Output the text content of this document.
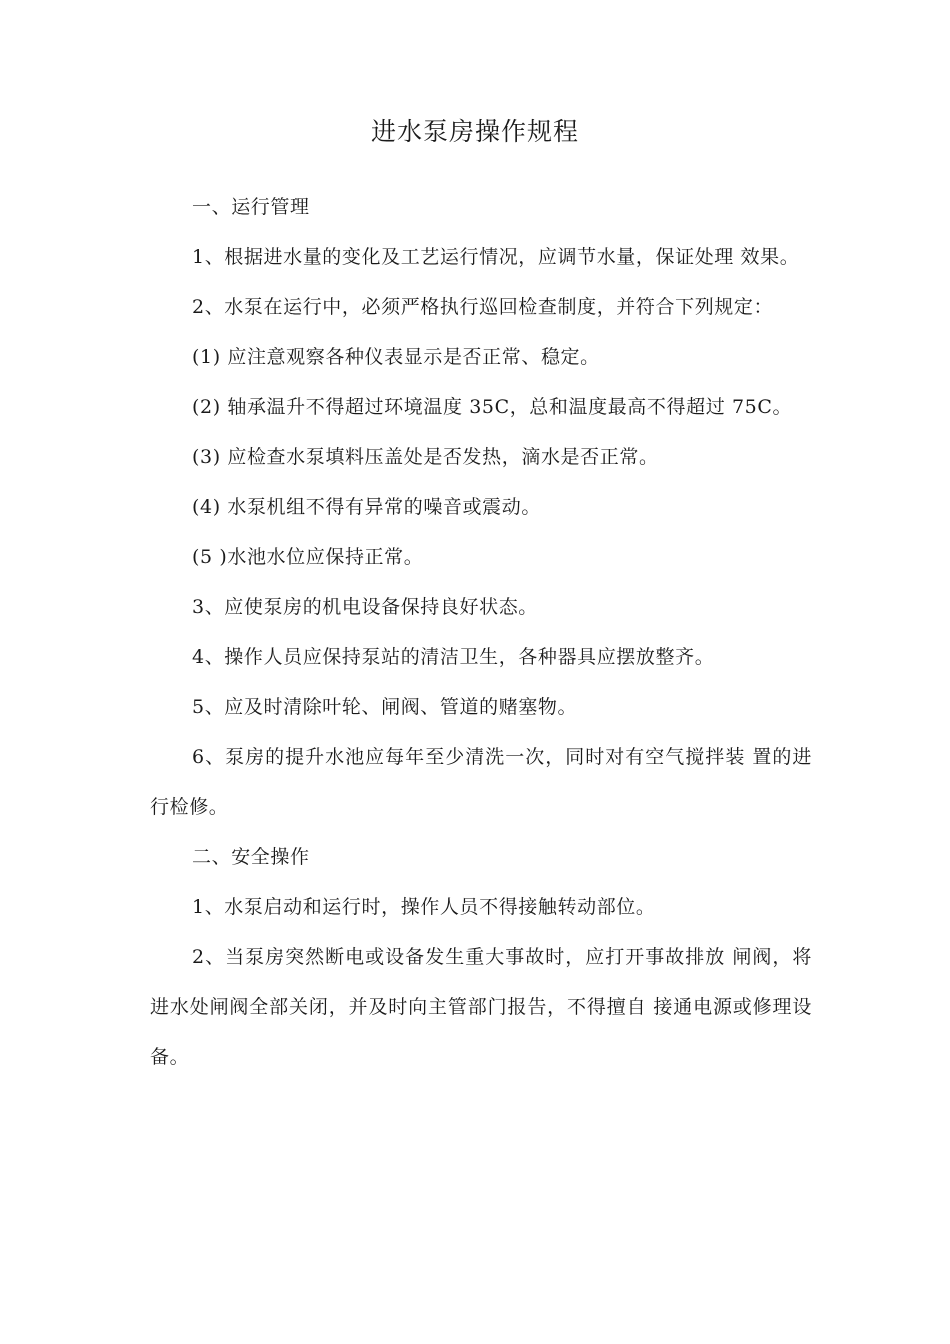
进水泵房操作规程

一、运行管理

1、根据进水量的变化及工艺运行情况，应调节水量，保证处理 效果。

2、水泵在运行中，必须严格执行巡回检查制度，并符合下列规定：

(1) 应注意观察各种仪表显示是否正常、稳定。

(2) 轴承温升不得超过环境温度 35C，总和温度最高不得超过 75C。

(3) 应检查水泵填料压盖处是否发热，滴水是否正常。

(4) 水泵机组不得有异常的噪音或震动。

(5 )水池水位应保持正常。

3、应使泵房的机电设备保持良好状态。

4、操作人员应保持泵站的清洁卫生，各种器具应摆放整齐。

5、应及时清除叶轮、闸阀、管道的赌塞物。

6、泵房的提升水池应每年至少清洗一次，同时对有空气搅拌装 置的进行检修。

二、安全操作

1、水泵启动和运行时，操作人员不得接触转动部位。

2、当泵房突然断电或设备发生重大事故时，应打开事故排放 闸阀，将进水处闸阀全部关闭，并及时向主管部门报告，不得擅自 接通电源或修理设备。
